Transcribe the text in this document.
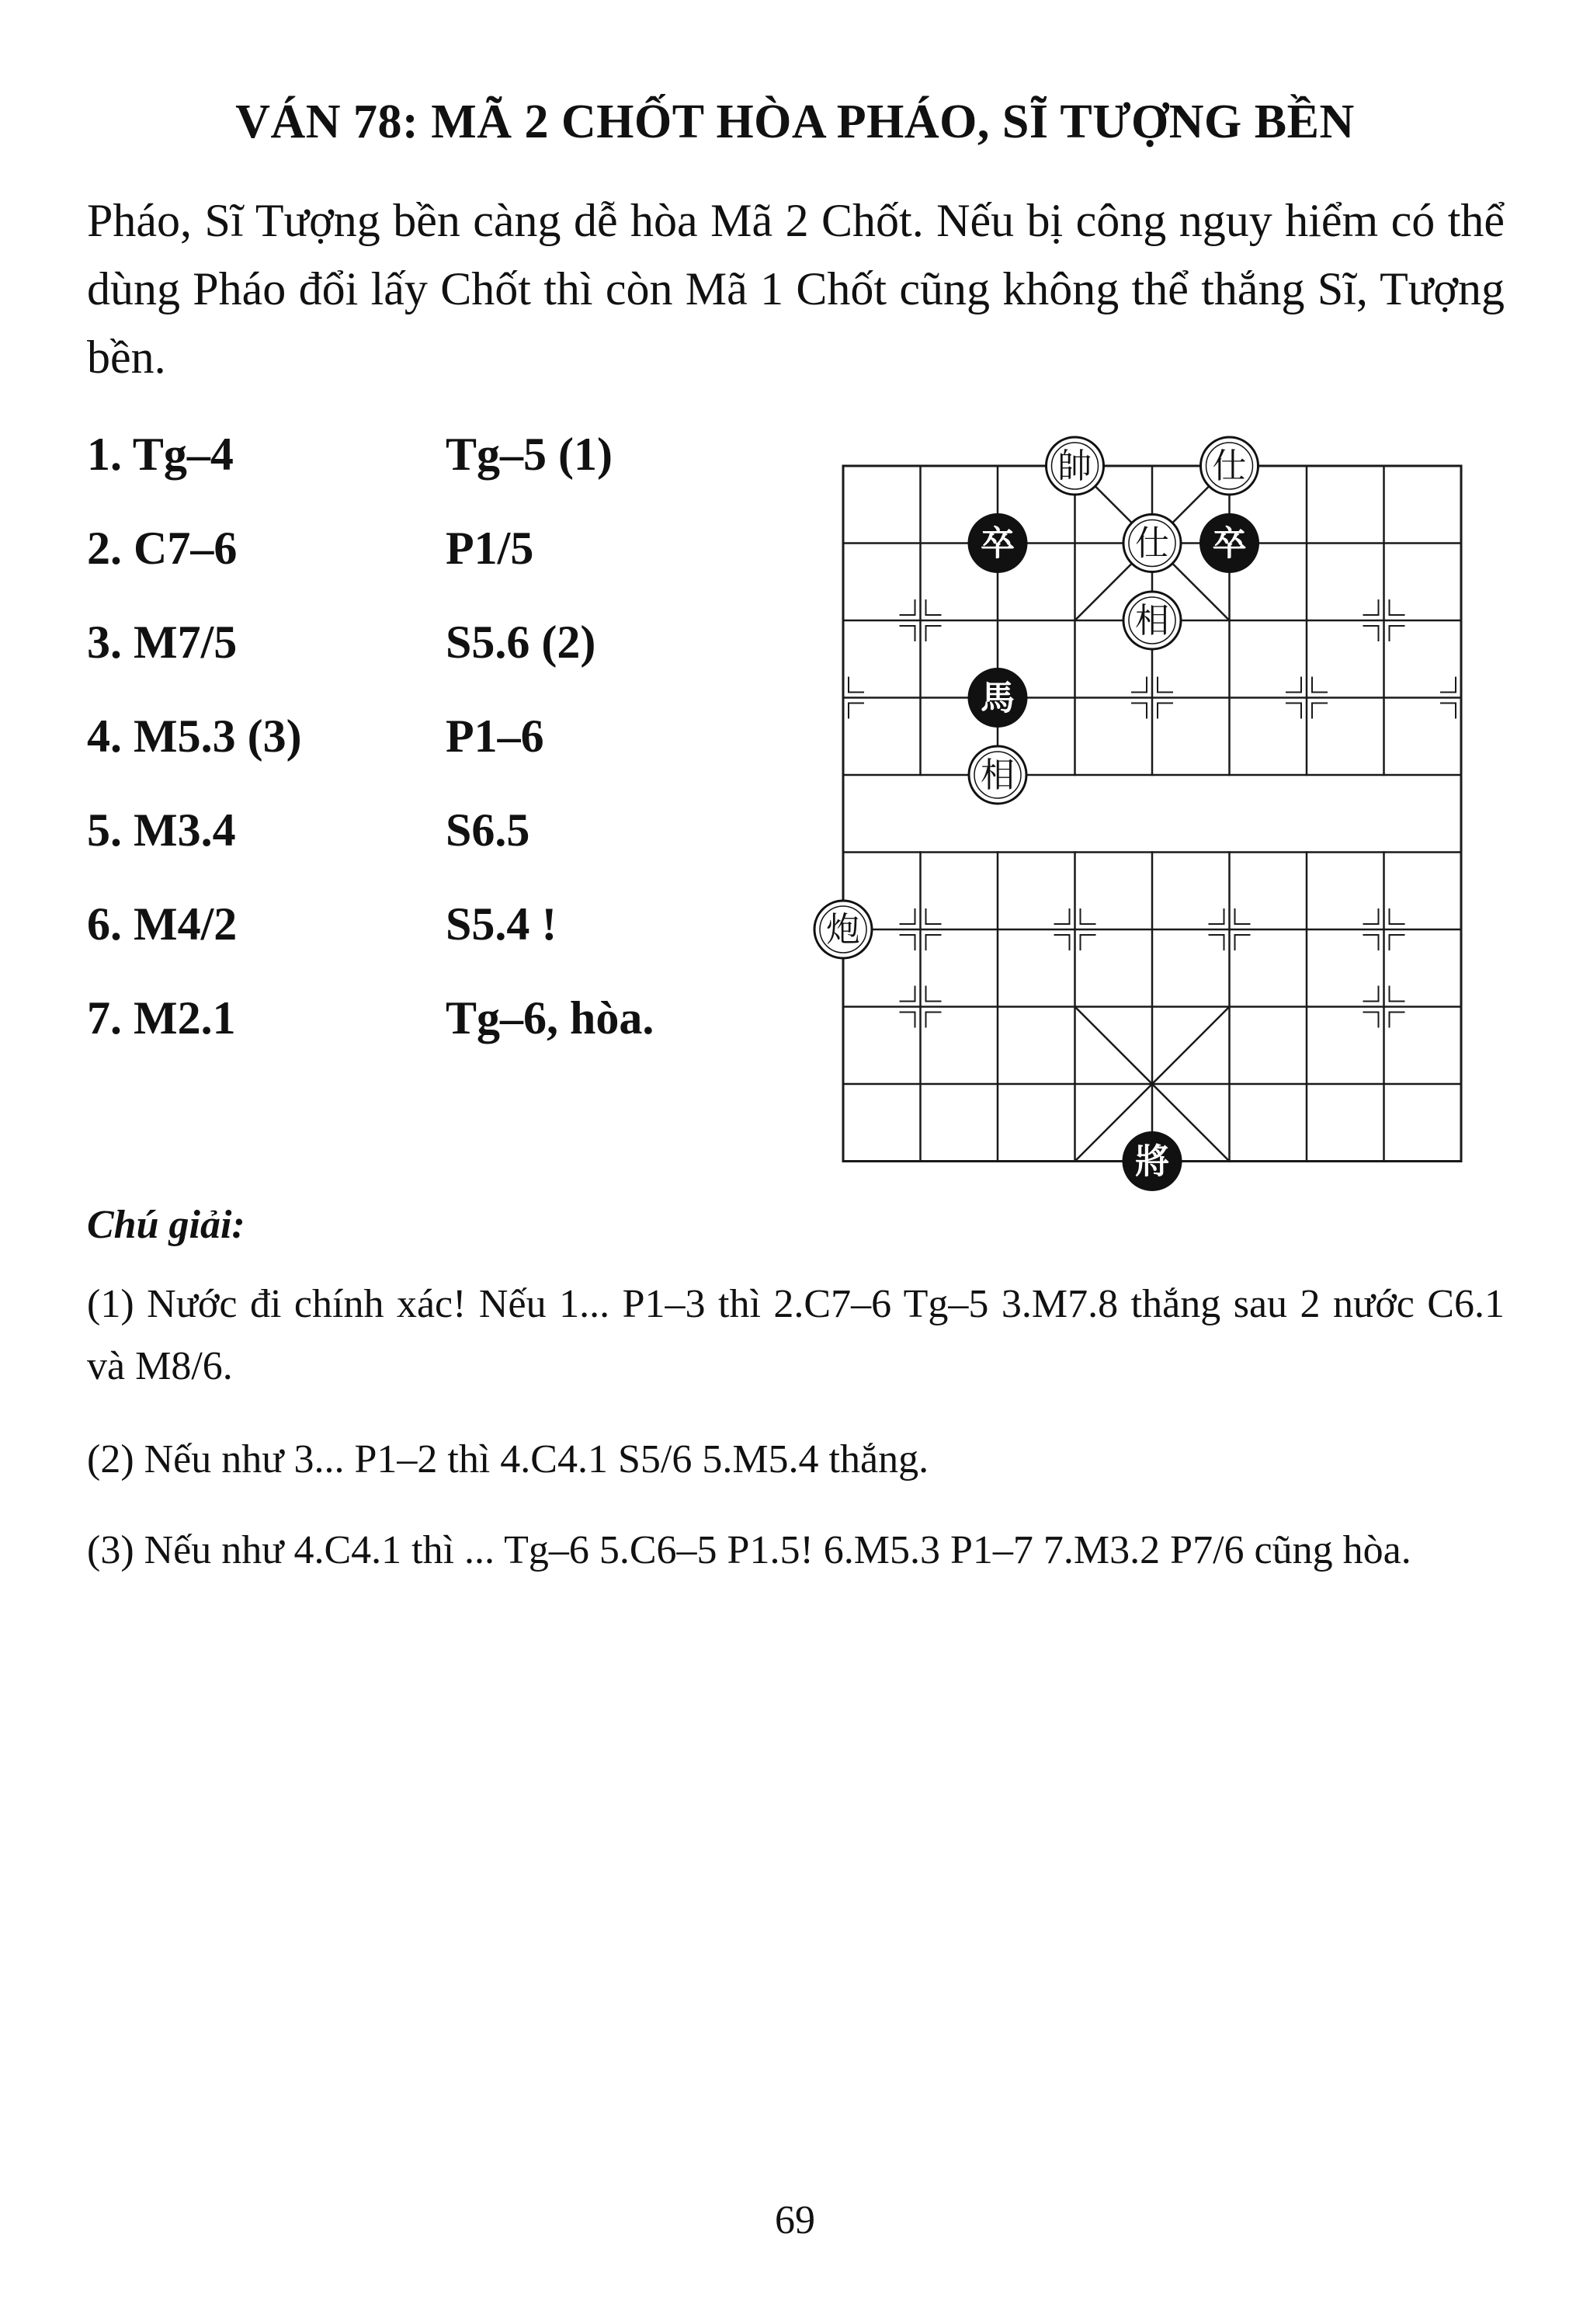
VÁN 78: MÃ 2 CHỐT HÒA PHÁO, SĨ TƯỢNG BỀN

Pháo, Sĩ Tượng bền càng dễ hòa Mã 2 Chốt. Nếu bị công nguy hiểm có thể dùng Pháo đổi lấy Chốt thì còn Mã 1 Chốt cũng không thể thắng Sĩ, Tượng bền.

1. Tg–4	Tg–5 (1)
2. C7–6	P1/5
3. M7/5	S5.6 (2)
4. M5.3 (3)	P1–6
5. M3.4	S6.5
6. M4/2	S5.4 !
7. M2.1	Tg–6, hòa.
帥	仕
卒	仕 卒
相
馬
相
炮
將

Chú giải:

(1) Nước đi chính xác! Nếu 1... P1–3 thì 2.C7–6 Tg–5 3.M7.8 thắng sau 2 nước C6.1 và M8/6.

(2) Nếu như 3... P1–2 thì 4.C4.1 S5/6 5.M5.4 thắng.

(3) Nếu như 4.C4.1 thì ... Tg–6 5.C6–5 P1.5! 6.M5.3 P1–7 7.M3.2 P7/6 cũng hòa.

69
